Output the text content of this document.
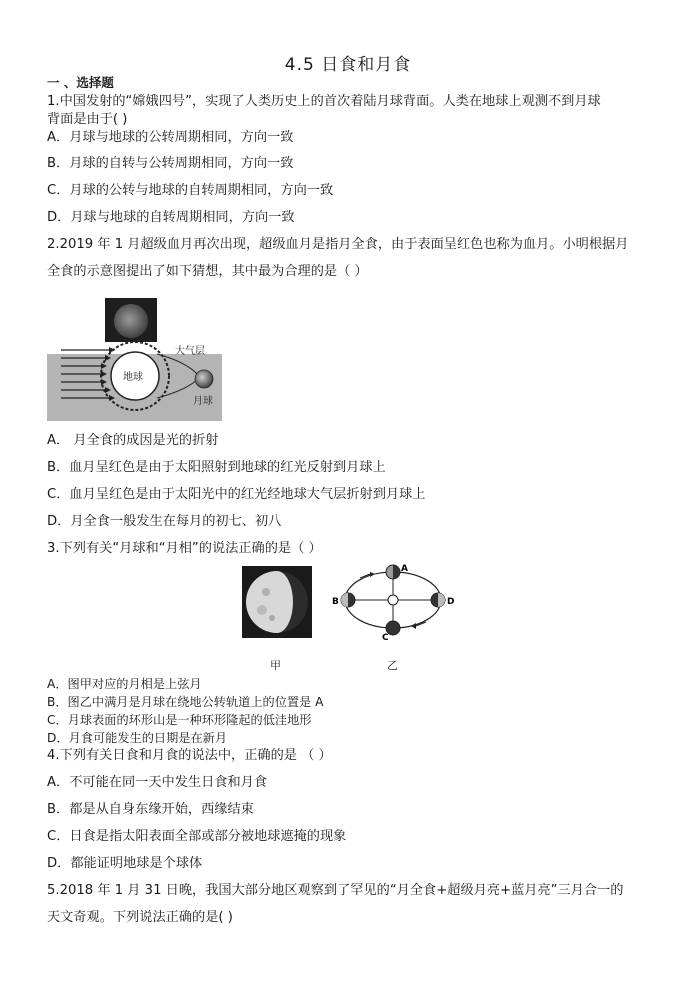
4.5 日食和月食
一 、选择题
1.中国发射的“嫦娥四号”，实现了人类历史上的首次着陆月球背面。人类在地球上观测不到月球
背面是由于( )
A．月球与地球的公转周期相同，方向一致
B．月球的自转与公转周期相同，方向一致
C．月球的公转与地球的自转周期相同，方向一致
D．月球与地球的自转周期相同，方向一致
2.2019 年 1 月超级血月再次出现，超级血月是指月全食，由于表面呈红色也称为血月。小明根据月
全食的示意图提出了如下猜想，其中最为合理的是（ ）
大气层
地球
月球
A． 月全食的成因是光的折射
B．血月呈红色是由于太阳照射到地球的红光反射到月球上
C．血月呈红色是由于太阳光中的红光经地球大气层折射到月球上
D．月全食一般发生在每月的初七、初八
3.下列有关“月球和“月相”的说法正确的是（ ）
甲
A
B
C
D
乙
A．图甲对应的月相是上弦月
B．图乙中满月是月球在绕地公转轨道上的位置是 A
C．月球表面的环形山是一种环形隆起的低洼地形
D．月食可能发生的日期是在新月
4.下列有关日食和月食的说法中，正确的是 （ ）
A．不可能在同一天中发生日食和月食
B．都是从自身东缘开始，西缘结束
C．日食是指太阳表面全部或部分被地球遮掩的现象
D．都能证明地球是个球体
5.2018 年 1 月 31 日晚，我国大部分地区观察到了罕见的“月全食+超级月亮+蓝月亮”三月合一的
天文奇观。下列说法正确的是( )
